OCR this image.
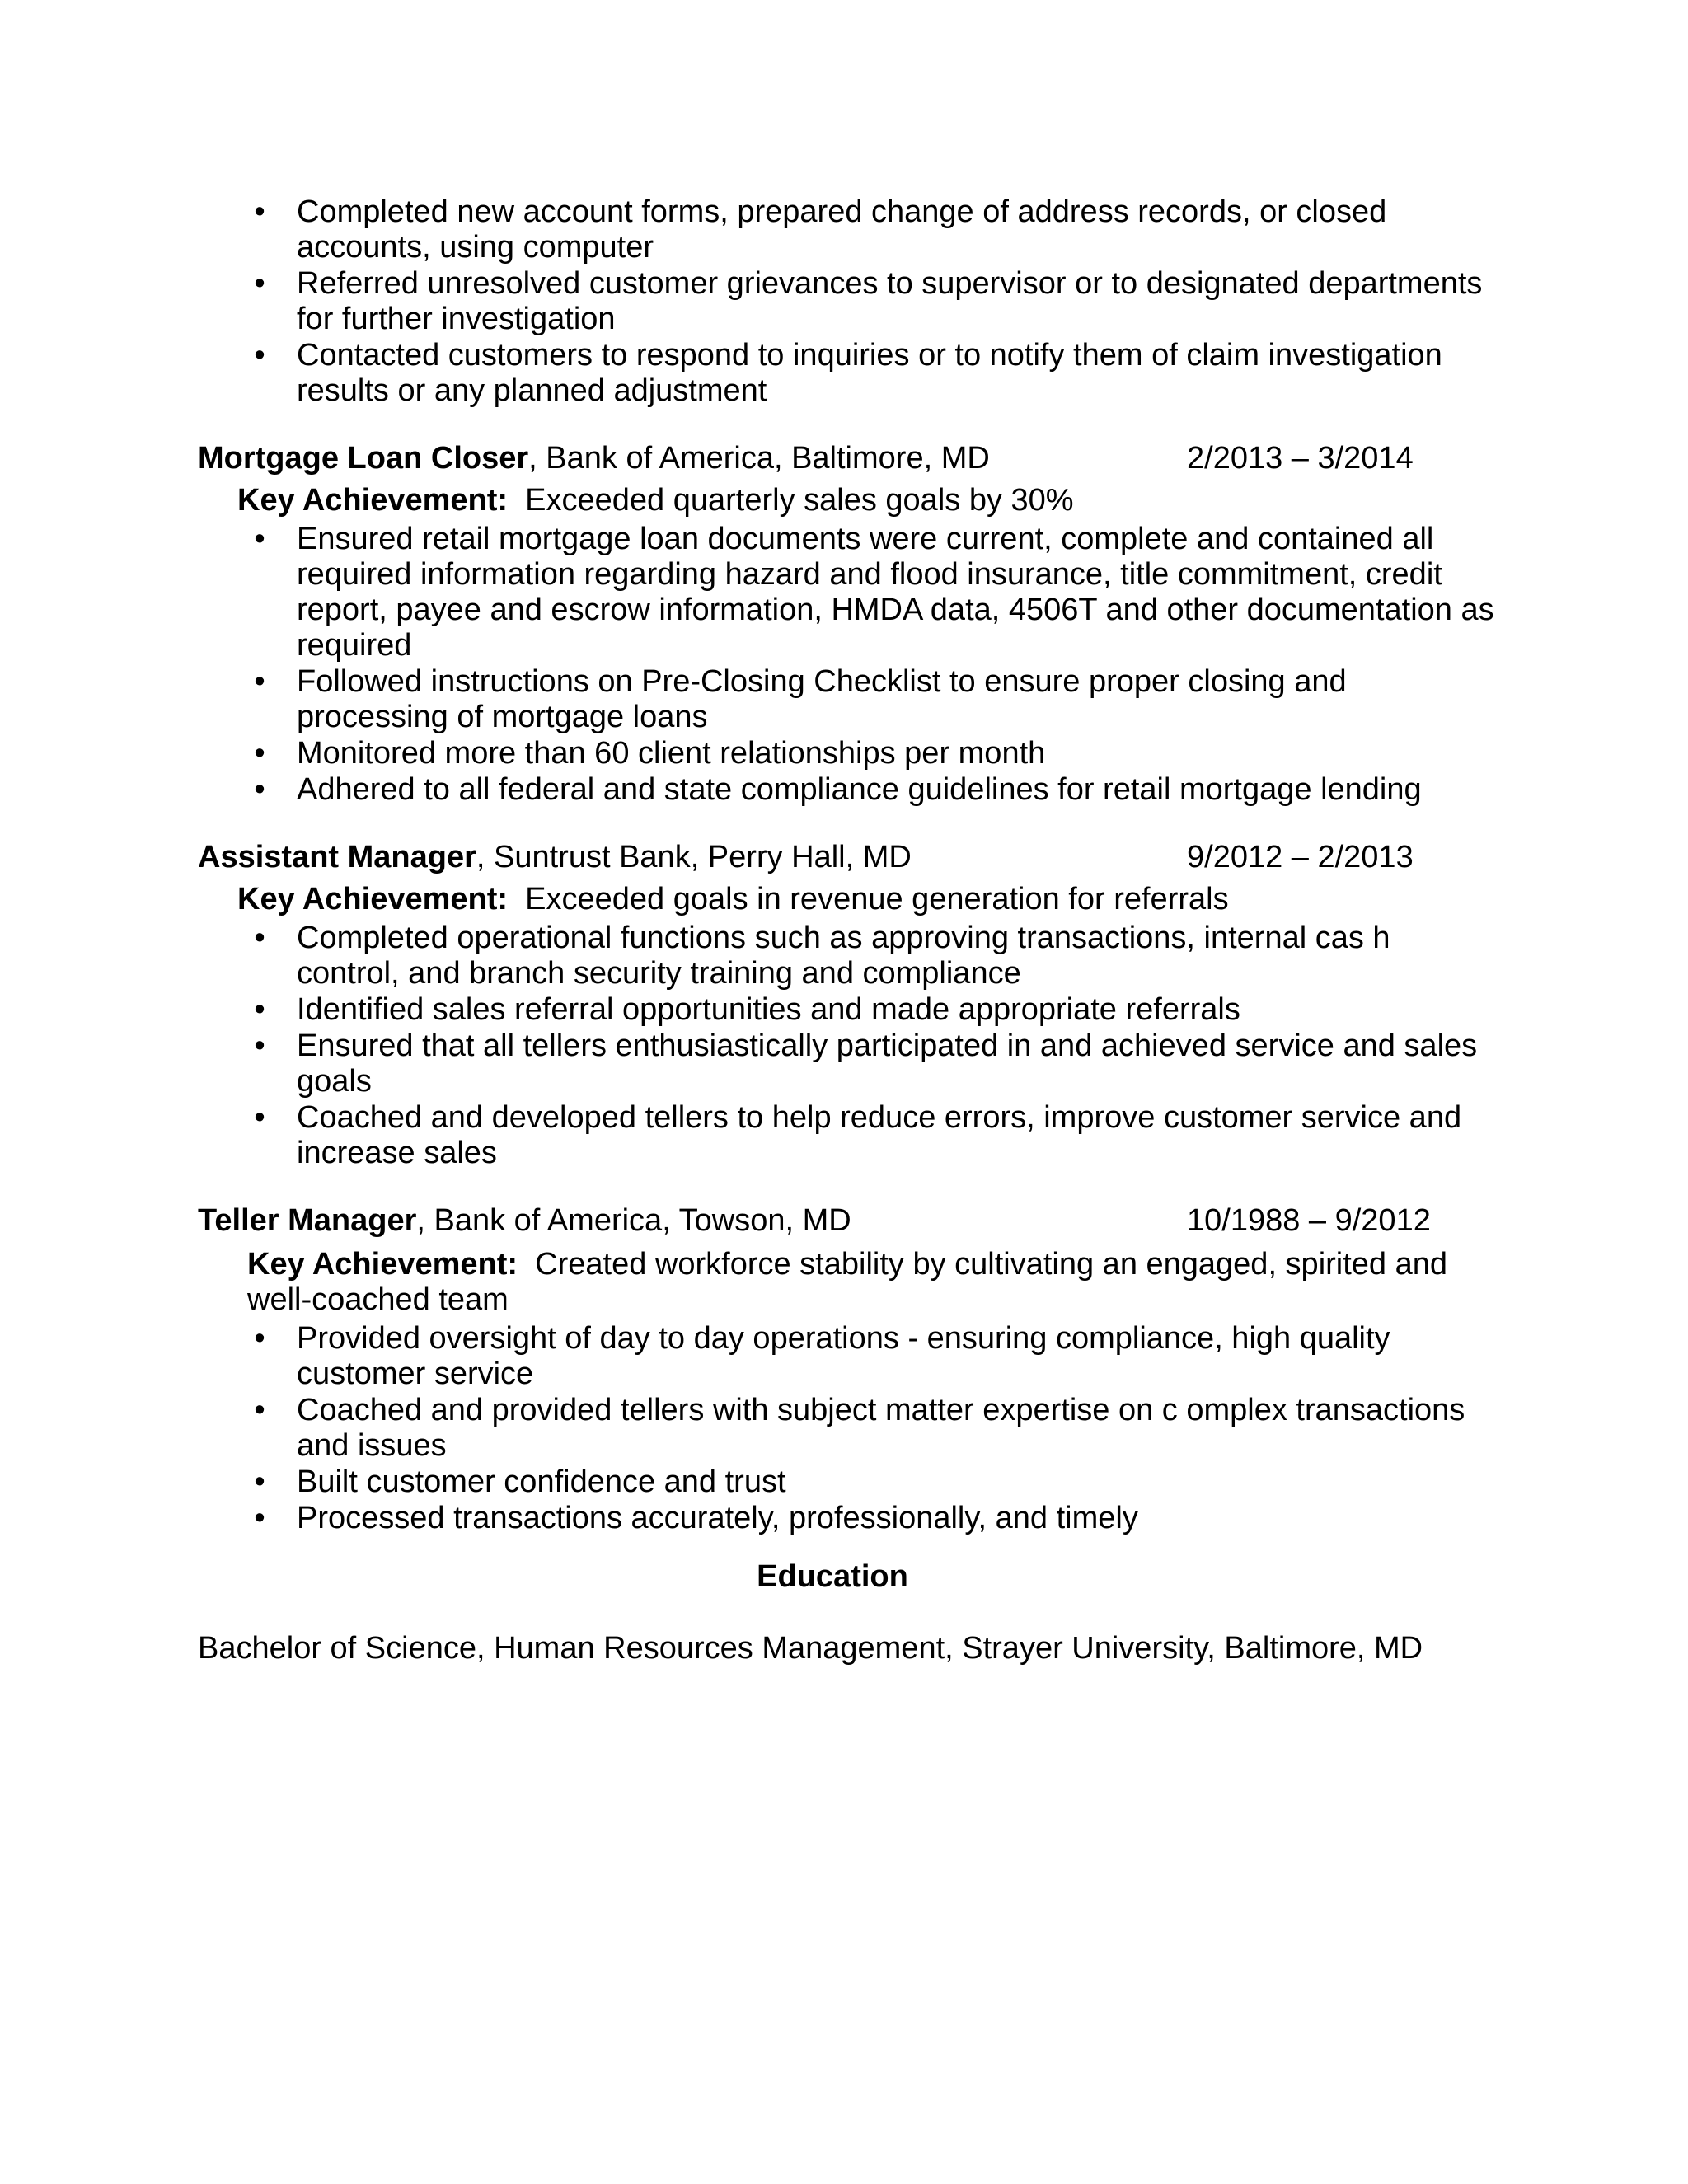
• Completed new account forms, prepared change of address records, or closed accounts, using computer
• Referred unresolved customer grievances to supervisor or to designated departments for further investigation
• Contacted customers to respond to inquiries or to notify them of claim investigation results or any planned adjustment
Mortgage Loan Closer, Bank of America, Baltimore, MD	2/2013 – 3/2014
Key Achievement: Exceeded quarterly sales goals by 30%
• Ensured retail mortgage loan documents were current, complete and contained all required information regarding hazard and flood insurance, title commitment, credit report, payee and escrow information, HMDA data, 4506T and other documentation as required
• Followed instructions on Pre-Closing Checklist to ensure proper closing and processing of mortgage loans
• Monitored more than 60 client relationships per month
• Adhered to all federal and state compliance guidelines for retail mortgage lending
Assistant Manager, Suntrust Bank, Perry Hall, MD	9/2012 – 2/2013
Key Achievement: Exceeded goals in revenue generation for referrals
• Completed operational functions such as approving transactions, internal cas h control, and branch security training and compliance
• Identified sales referral opportunities and made appropriate referrals
• Ensured that all tellers enthusiastically participated in and achieved service and sales goals
• Coached and developed tellers to help reduce errors, improve customer service and increase sales
Teller Manager, Bank of America, Towson, MD	10/1988 – 9/2012
Key Achievement: Created workforce stability by cultivating an engaged, spirited and well-coached team
• Provided oversight of day to day operations - ensuring compliance, high quality customer service
• Coached and provided tellers with subject matter expertise on c omplex transactions and issues
• Built customer confidence and trust
• Processed transactions accurately, professionally, and timely
Education
Bachelor of Science, Human Resources Management, Strayer University, Baltimore, MD
